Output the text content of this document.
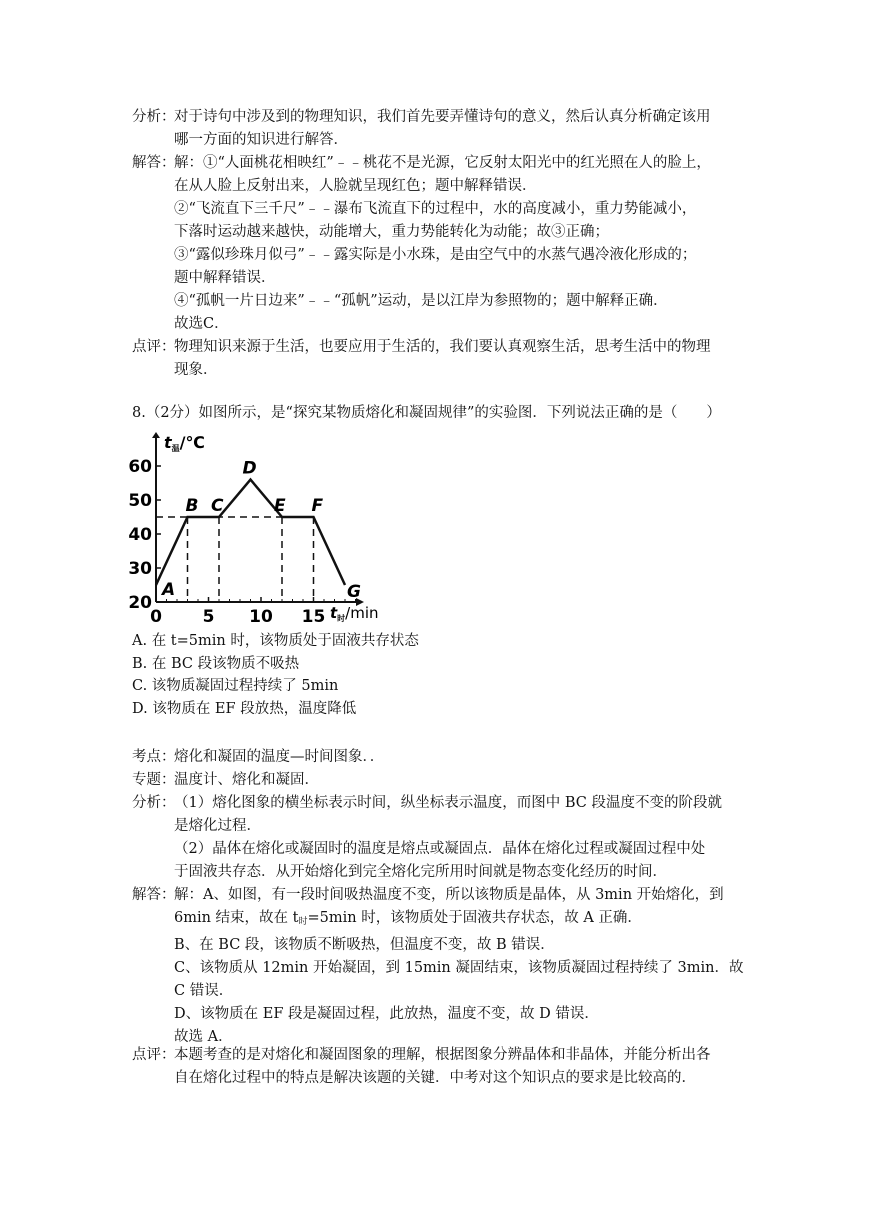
分析：
对于诗句中涉及到的物理知识，我们首先要弄懂诗句的意义，然后认真分析确定该用
哪一方面的知识进行解答．
解答：
解：①“人面桃花相映红”﹣﹣桃花不是光源，它反射太阳光中的红光照在人的脸上，
在从人脸上反射出来，人脸就呈现红色；题中解释错误．
②“飞流直下三千尺”﹣﹣瀑布飞流直下的过程中，水的高度减小，重力势能减小，
下落时运动越来越快，动能增大，重力势能转化为动能；故③正确；
③“露似珍珠月似弓”﹣﹣露实际是小水珠，是由空气中的水蒸气遇冷液化形成的；
题中解释错误．
④“孤帆一片日边来”﹣﹣“孤帆”运动，是以江岸为参照物的；题中解释正确．
故选C．
点评：
物理知识来源于生活，也要应用于生活的，我们要认真观察生活，思考生活中的物理
现象．
8.（2分）如图所示，是“探究某物质熔化和凝固规律”的实验图．下列说法正确的是（　　）
20
30
40
50
60
0 5 10 15
A
B C
D
E F
G
t温/℃
$t_时/\min$
A. 在 t=5min 时，该物质处于固液共存状态
B. 在 BC 段该物质不吸热
C. 该物质凝固过程持续了 5min
D. 该物质在 EF 段放热，温度降低
考点：
熔化和凝固的温度—时间图象．．
专题：
温度计、熔化和凝固．
分析：
（1）熔化图象的横坐标表示时间，纵坐标表示温度，而图中 BC 段温度不变的阶段就
是熔化过程．
（2）晶体在熔化或凝固时的温度是熔点或凝固点．晶体在熔化过程或凝固过程中处
于固液共存态．从开始熔化到完全熔化完所用时间就是物态变化经历的时间．
解答：
解：A、如图，有一段时间吸热温度不变，所以该物质是晶体，从 3min 开始熔化，到
6min 结束，故在 $t_时=5\min$ 时，该物质处于固液共存状态，故 A 正确．
B、在 BC 段，该物质不断吸热，但温度不变，故 B 错误．
C、该物质从 12min 开始凝固，到 15min 凝固结束，该物质凝固过程持续了 3min．故
C 错误．
D、该物质在 EF 段是凝固过程，此放热，温度不变，故 D 错误．
故选 A．
点评：
本题考查的是对熔化和凝固图象的理解，根据图象分辨晶体和非晶体，并能分析出各
自在熔化过程中的特点是解决该题的关键．中考对这个知识点的要求是比较高的．
